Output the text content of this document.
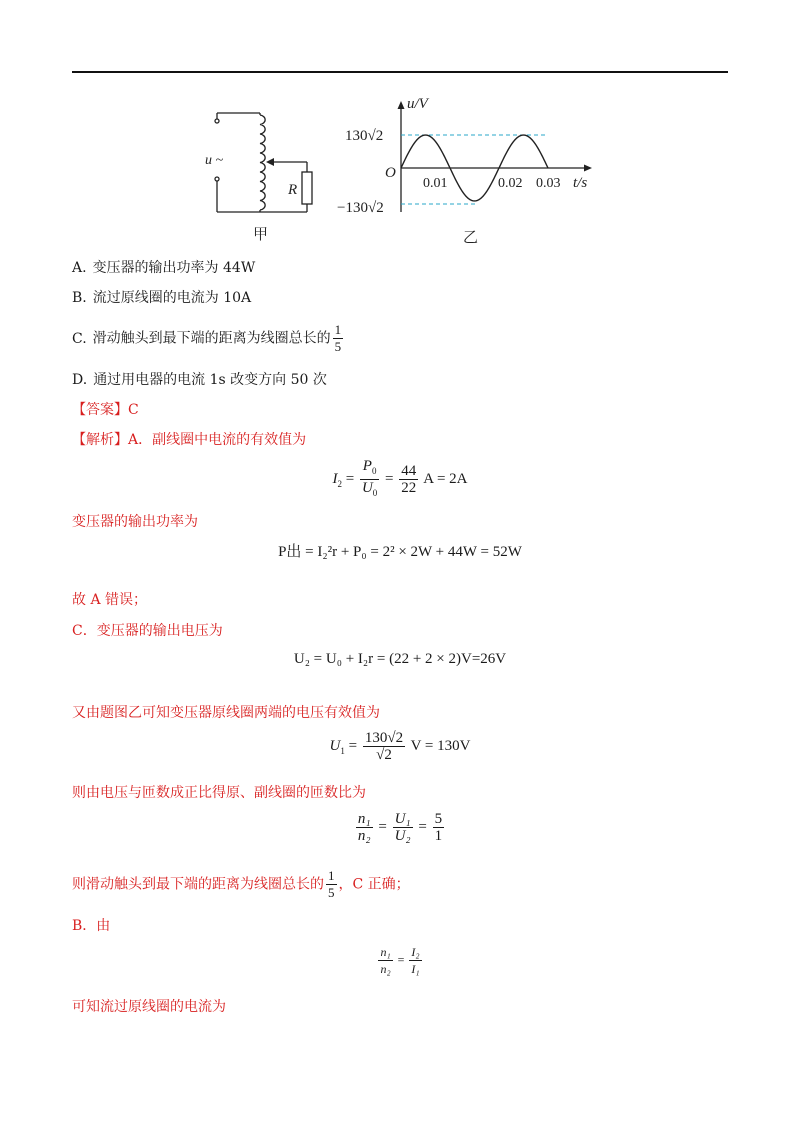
u ~
R
甲
u/V
t/s
O
130√2
−130√2
0.01	0.02 0.03
乙
A. 变压器的输出功率为 44W
B. 流过原线圈的电流为 10A
C. 滑动触头到最下端的距离为线圈总长的 $\frac{1}{5}$
D. 通过用电器的电流 1s 改变方向 50 次
【答案】C
【解析】A．副线圈中电流的有效值为
$I_2 = \frac{P_0}{U_0} = \frac{44}{22}$ A = 2A
变压器的输出功率为
P出 = I₂²r + P₀ = 2² × 2W + 44W = 52W
故 A 错误；
C．变压器的输出电压为
U₂ = U₀ + I₂r = (22 + 2 × 2)V=26V
又由题图乙可知变压器原线圈两端的电压有效值为
$U_1 = \frac{130√2}{√2}$ V = 130V
则由电压与匝数成正比得原、副线圈的匝数比为
$\frac{\text{n₁}}{\text{n₂}} = \frac{\text{U₁}}{\text{U₂}} = \frac{5}{1}$
则滑动触头到最下端的距离为线圈总长的 $\frac{1}{5}$ ，C 正确；
B．由
$\frac{\text{n₁}}{\text{n₂}} = \frac{\text{I₂}}{\text{I₁}}$
可知流过原线圈的电流为
